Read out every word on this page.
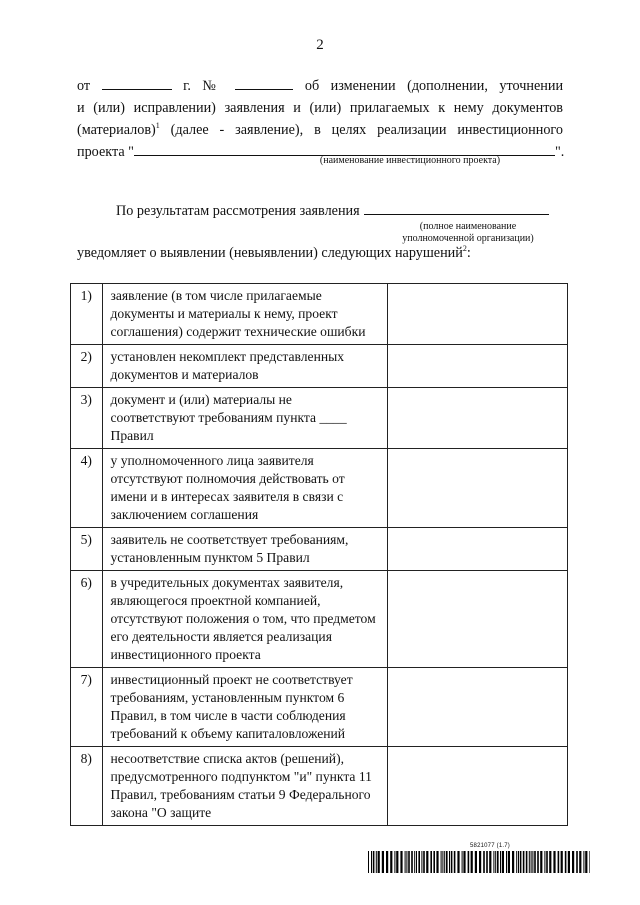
2
от	г. №	об изменении (дополнении, уточнении
и (или) исправлении) заявления и (или) прилагаемых к нему документов
(материалов)$^1$ (далее - заявление), в целях реализации инвестиционного
проекта "	".
(наименование инвестиционного проекта)
По результатам рассмотрения заявления
(полное наименование
уполномоченной организации)
уведомляет о выявлении (невыявлении) следующих нарушений$^2$:
1)	заявление (в том числе прилагаемые документы и материалы к нему, проект соглашения) содержит технические ошибки	
2)	установлен некомплект представленных документов и материалов	
3)	документ и (или) материалы не соответствуют требованиям пункта ____ Правил	
4)	у уполномоченного лица заявителя отсутствуют полномочия действовать от имени и в интересах заявителя в связи с заключением соглашения	
5)	заявитель не соответствует требованиям, установленным пунктом 5 Правил	
6)	в учредительных документах заявителя, являющегося проектной компанией, отсутствуют положения о том, что предметом его деятельности является реализация инвестиционного проекта	
7)	инвестиционный проект не соответствует требованиям, установленным пунктом 6 Правил, в том числе в части соблюдения требований к объему капиталовложений	
8)	несоответствие списка актов (решений), предусмотренного подпунктом "и" пункта 11 Правил, требованиям статьи 9 Федерального закона "О защите	
5821077 (1.7)
